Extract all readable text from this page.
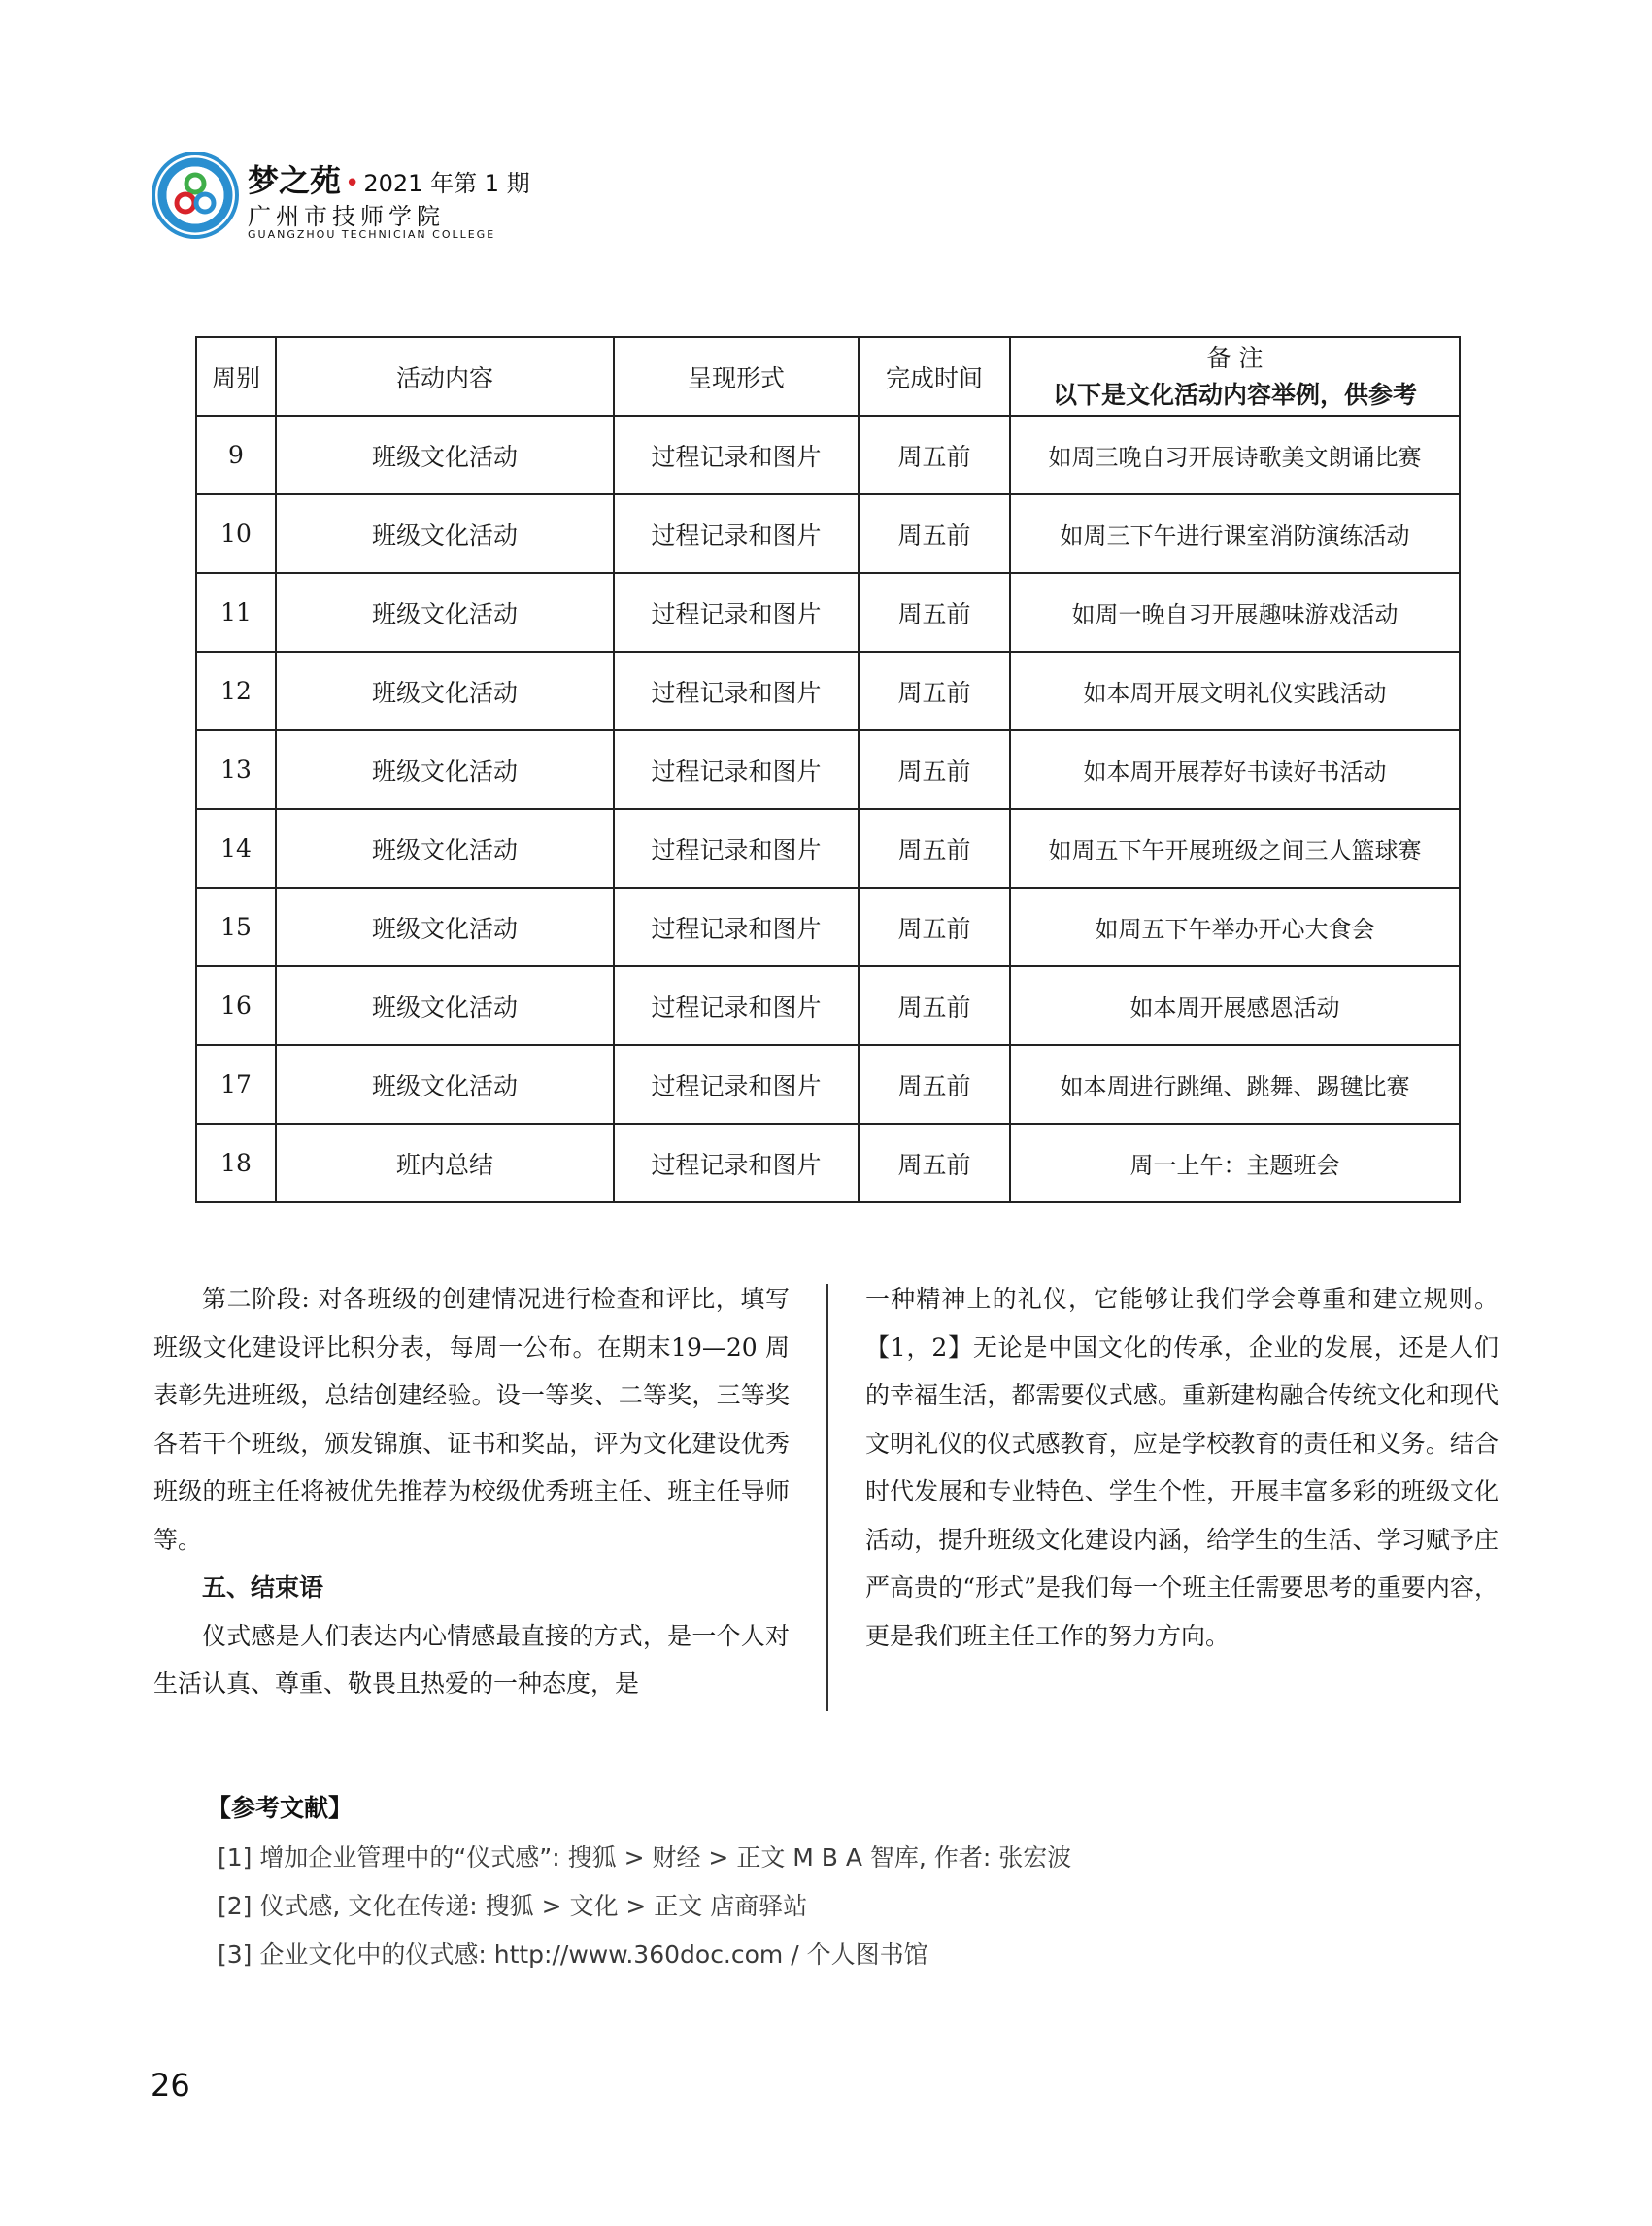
梦之苑 • 2021 年第 1 期
广州市技师学院
GUANGZHOU TECHNICIAN COLLEGE
周别	活动内容	呈现形式	完成时间	备 注
以下是文化活动内容举例，供参考

9	班级文化活动	过程记录和图片	周五前	如周三晚自习开展诗歌美文朗诵比赛
10	班级文化活动	过程记录和图片	周五前	如周三下午进行课室消防演练活动
11	班级文化活动	过程记录和图片	周五前	如周一晚自习开展趣味游戏活动
12	班级文化活动	过程记录和图片	周五前	如本周开展文明礼仪实践活动
13	班级文化活动	过程记录和图片	周五前	如本周开展荐好书读好书活动
14	班级文化活动	过程记录和图片	周五前	如周五下午开展班级之间三人篮球赛
15	班级文化活动	过程记录和图片	周五前	如周五下午举办开心大食会
16	班级文化活动	过程记录和图片	周五前	如本周开展感恩活动
17	班级文化活动	过程记录和图片	周五前	如本周进行跳绳、跳舞、踢毽比赛
18	班内总结	过程记录和图片	周五前	周一上午：主题班会

第二阶段: 对各班级的创建情况进行检查和评比，填写班级文化建设评比积分表，每周一公布。在期末19—20 周表彰先进班级，总结创建经验。设一等奖、二等奖，三等奖各若干个班级，颁发锦旗、证书和奖品，评为文化建设优秀班级的班主任将被优先推荐为校级优秀班主任、班主任导师等。

五、结束语

仪式感是人们表达内心情感最直接的方式，是一个人对生活认真、尊重、敬畏且热爱的一种态度，是

一种精神上的礼仪，它能够让我们学会尊重和建立规则。【1，2】无论是中国文化的传承，企业的发展，还是人们的幸福生活，都需要仪式感。重新建构融合传统文化和现代文明礼仪的仪式感教育，应是学校教育的责任和义务。结合时代发展和专业特色、学生个性，开展丰富多彩的班级文化活动，提升班级文化建设内涵，给学生的生活、学习赋予庄严高贵的“形式”是我们每一个班主任需要思考的重要内容，更是我们班主任工作的努力方向。

【参考文献】
[1] 增加企业管理中的“仪式感”: 搜狐 > 财经 > 正文 M B A 智库, 作者: 张宏波
[2] 仪式感, 文化在传递: 搜狐 > 文化 > 正文 店商驿站
[3] 企业文化中的仪式感: http://www.360doc.com / 个人图书馆
26
